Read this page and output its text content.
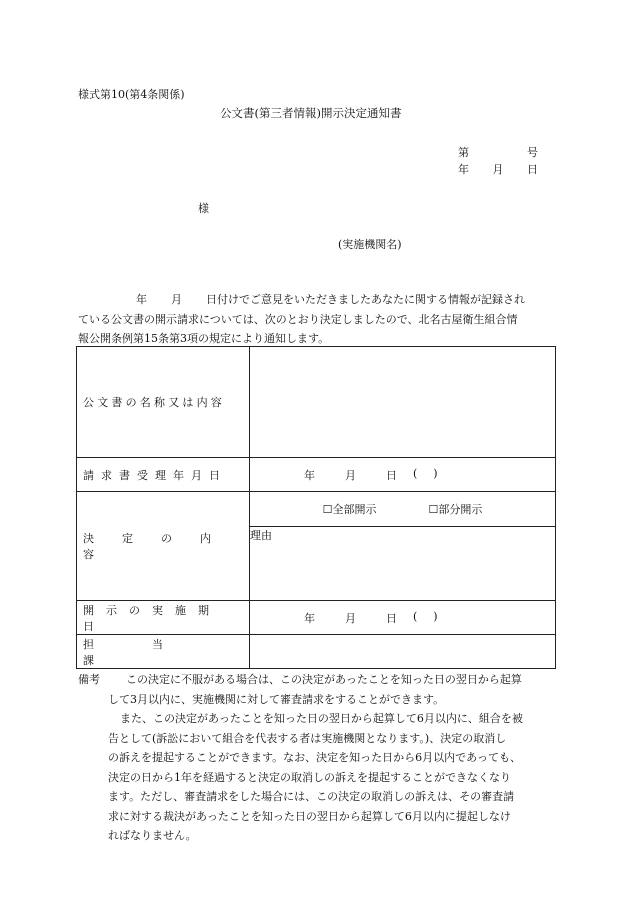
様式第10(第4条関係)
公文書(第三者情報)開示決定通知書
第	号
年 月 日
様
(実施機関名)

年 月 日付けでご意見をいただきましたあなたに関する情報が記録され

ている公文書の開示請求については、次のとおり決定しましたので、北名古屋衛生組合情

報公開条例第15条第3項の規定により通知します。

公文書の名称又は内容	
請求書受理年月日	年 月 日 ( )

決定の内容	☐全部開示 ☐部分開示

	理由
開示の実施期日	年 月 日 ( )

担当課	
備考	この決定に不服がある場合は、この決定があったことを知った日の翌日から起算

して3月以内に、実施機関に対して審査請求をすることができます。

また、この決定があったことを知った日の翌日から起算して6月以内に、組合を被

告として(訴訟において組合を代表する者は実施機関となります。)、決定の取消し

の訴えを提起することができます。なお、決定を知った日から6月以内であっても、

決定の日から1年を経過すると決定の取消しの訴えを提起することができなくなり

ます。ただし、審査請求をした場合には、この決定の取消しの訴えは、その審査請

求に対する裁決があったことを知った日の翌日から起算して6月以内に提起しなけ

ればなりません。
